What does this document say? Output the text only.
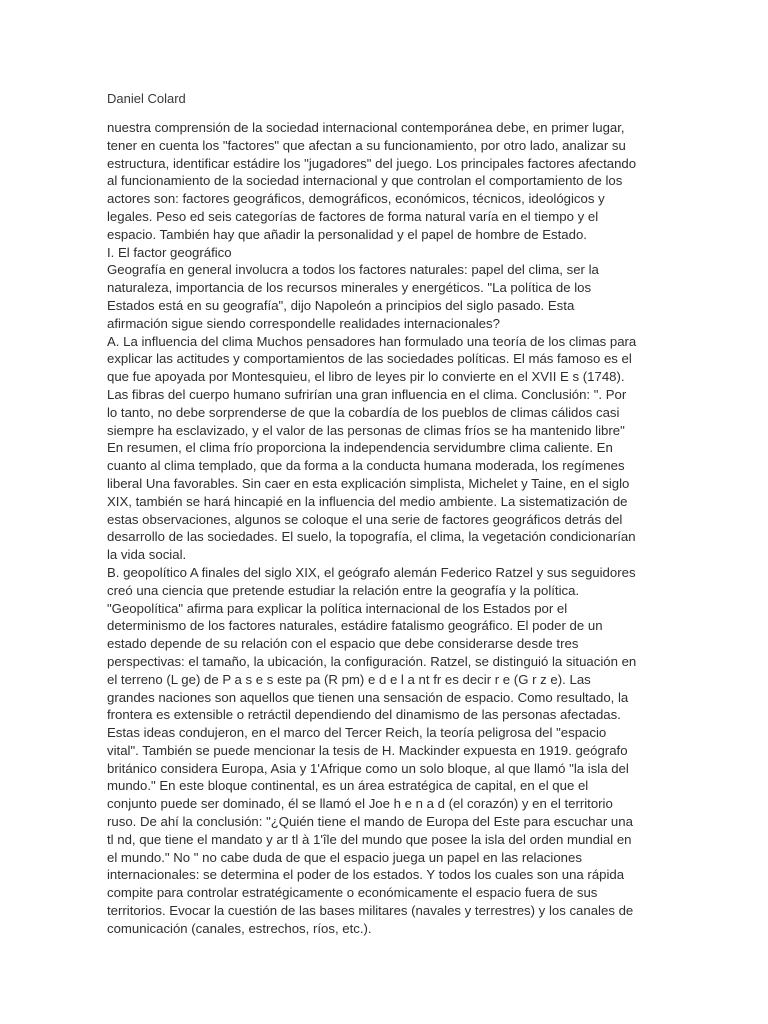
Daniel Colard
nuestra comprensión de la sociedad internacional contemporánea debe, en primer lugar,
tener en cuenta los "factores" que afectan a su funcionamiento, por otro lado, analizar su
estructura, identificar estádire los "jugadores" del juego. Los principales factores afectando
al funcionamiento de la sociedad internacional y que controlan el comportamiento de los
actores son: factores geográficos, demográficos, económicos, técnicos, ideológicos y
legales. Peso ed seis categorías de factores de forma natural varía en el tiempo y el
espacio. También hay que añadir la personalidad y el papel de hombre de Estado.
I. El factor geográfico
Geografía en general involucra a todos los factores naturales: papel del clima, ser la
naturaleza, importancia de los recursos minerales y energéticos. "La política de los
Estados está en su geografía", dijo Napoleón a principios del siglo pasado. Esta
afirmación sigue siendo correspondelle realidades internacionales?
A. La influencia del clima Muchos pensadores han formulado una teoría de los climas para
explicar las actitudes y comportamientos de las sociedades políticas. El más famoso es el
que fue apoyada por Montesquieu, el libro de leyes pir lo convierte en el XVII E s (1748).
Las fibras del cuerpo humano sufrirían una gran influencia en el clima. Conclusión: ". Por
lo tanto, no debe sorprenderse de que la cobardía de los pueblos de climas cálidos casi
siempre ha esclavizado, y el valor de las personas de climas fríos se ha mantenido libre"
En resumen, el clima frío proporciona la independencia servidumbre clima caliente. En
cuanto al clima templado, que da forma a la conducta humana moderada, los regímenes
liberal Una favorables. Sin caer en esta explicación simplista, Michelet y Taine, en el siglo
XIX, también se hará hincapié en la influencia del medio ambiente. La sistematización de
estas observaciones, algunos se coloque el una serie de factores geográficos detrás del
desarrollo de las sociedades. El suelo, la topografía, el clima, la vegetación condicionarían
la vida social.
B. geopolítico A finales del siglo XIX, el geógrafo alemán Federico Ratzel y sus seguidores
creó una ciencia que pretende estudiar la relación entre la geografía y la política.
"Geopolítica" afirma para explicar la política internacional de los Estados por el
determinismo de los factores naturales, estádire fatalismo geográfico. El poder de un
estado depende de su relación con el espacio que debe considerarse desde tres
perspectivas: el tamaño, la ubicación, la configuración. Ratzel, se distinguió la situación en
el terreno (L ge) de P a s e s este pa (R pm) e d e l a nt fr es decir r e (G r z e). Las
grandes naciones son aquellos que tienen una sensación de espacio. Como resultado, la
frontera es extensible o retráctil dependiendo del dinamismo de las personas afectadas.
Estas ideas condujeron, en el marco del Tercer Reich, la teoría peligrosa del "espacio
vital". También se puede mencionar la tesis de H. Mackinder expuesta en 1919. geógrafo
británico considera Europa, Asia y 1'Afrique como un solo bloque, al que llamó "la isla del
mundo." En este bloque continental, es un área estratégica de capital, en el que el
conjunto puede ser dominado, él se llamó el Joe h e n a d (el corazón) y en el territorio
ruso. De ahí la conclusión: "¿Quién tiene el mando de Europa del Este para escuchar una
tl nd, que tiene el mandato y ar tl à 1'île del mundo que posee la isla del orden mundial en
el mundo." No " no cabe duda de que el espacio juega un papel en las relaciones
internacionales: se determina el poder de los estados. Y todos los cuales son una rápida
compite para controlar estratégicamente o económicamente el espacio fuera de sus
territorios. Evocar la cuestión de las bases militares (navales y terrestres) y los canales de
comunicación (canales, estrechos, ríos, etc.).
